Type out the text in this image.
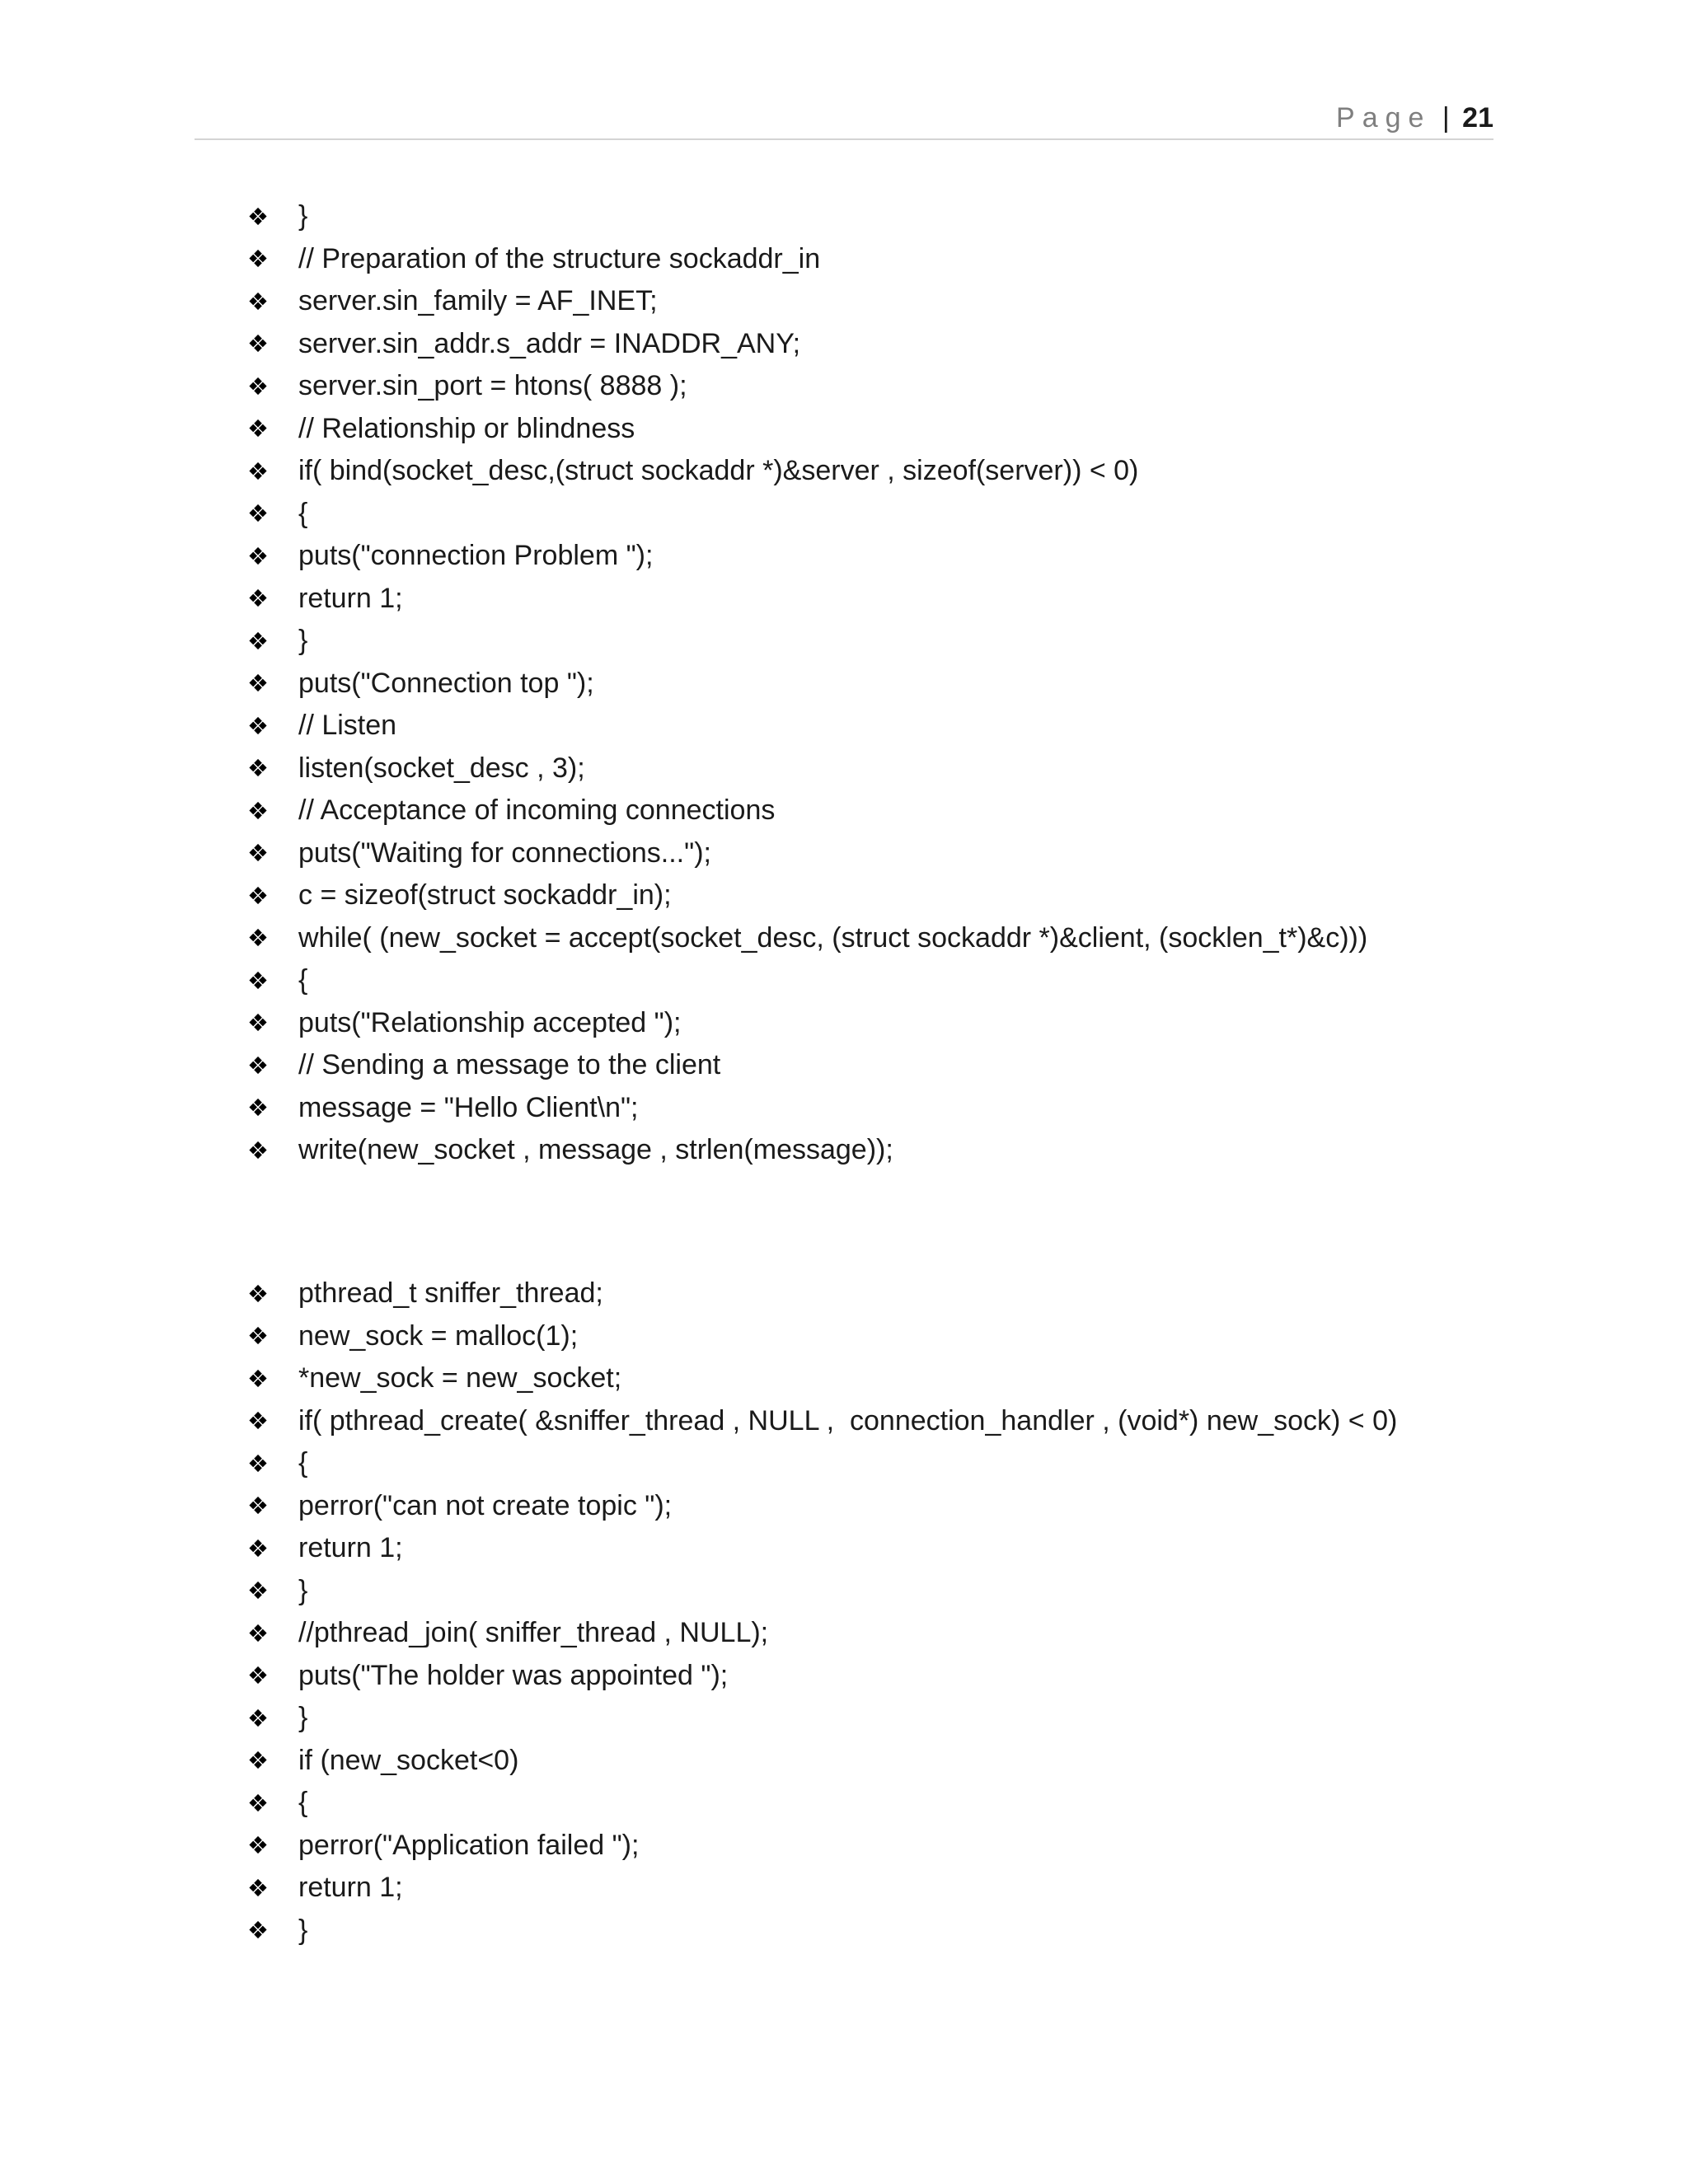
Page | 21
❖	}
❖	// Preparation of the structure sockaddr_in
❖	server.sin_family = AF_INET;
❖	server.sin_addr.s_addr = INADDR_ANY;
❖	server.sin_port = htons( 8888 );
❖	// Relationship or blindness
❖	if( bind(socket_desc,(struct sockaddr *)&server , sizeof(server)) < 0)
❖	{
❖	puts("connection Problem ");
❖	return 1;
❖	}
❖	puts("Connection top ");
❖	// Listen
❖	listen(socket_desc , 3);
❖	// Acceptance of incoming connections
❖	puts("Waiting for connections...");
❖	c = sizeof(struct sockaddr_in);
❖	while( (new_socket = accept(socket_desc, (struct sockaddr *)&client, (socklen_t*)&c)))
❖	{
❖	puts("Relationship accepted ");
❖	// Sending a message to the client
❖	message = "Hello Client\n";
❖	write(new_socket , message , strlen(message));
❖	pthread_t sniffer_thread;
❖	new_sock = malloc(1);
❖	*new_sock = new_socket;
❖	if( pthread_create( &sniffer_thread , NULL ,  connection_handler , (void*) new_sock) < 0)
❖	{
❖	perror("can not create topic ");
❖	return 1;
❖	}
❖	//pthread_join( sniffer_thread , NULL);
❖	puts("The holder was appointed ");
❖	}
❖	if (new_socket<0)
❖	{
❖	perror("Application failed ");
❖	return 1;
❖	}
